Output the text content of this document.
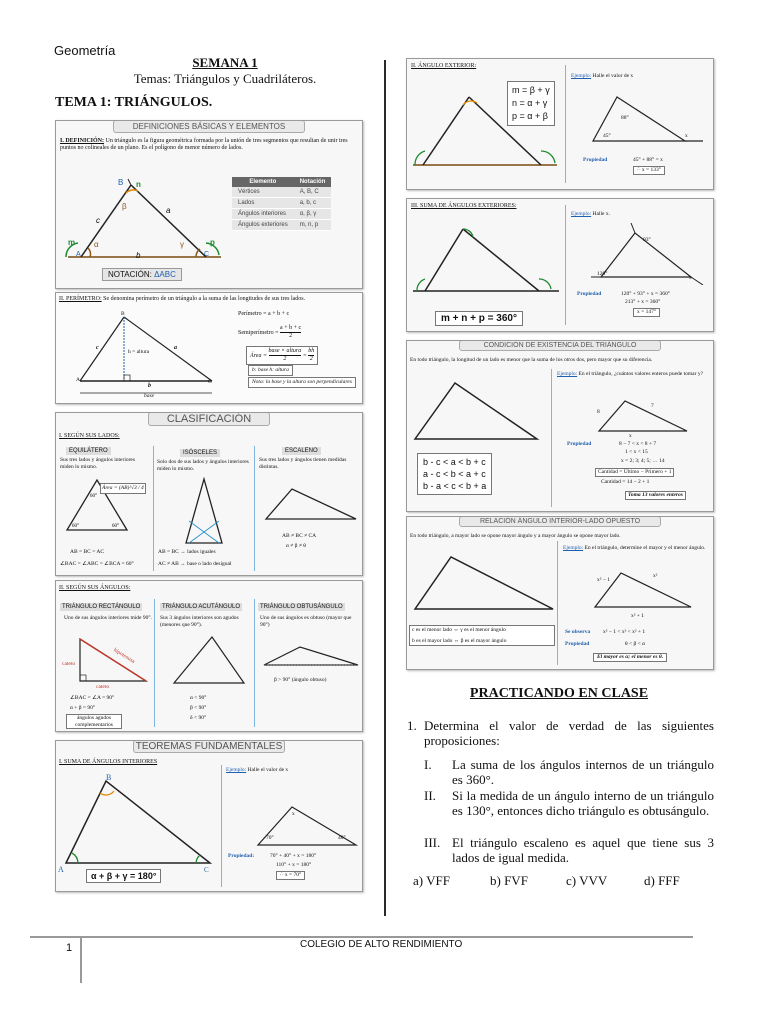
Geometría
SEMANA 1
Temas: Triángulos y Cuadriláteros.
TEMA 1: TRIÁNGULOS.
DEFINICIONES BÁSICAS Y ELEMENTOS
I. DEFINICIÓN: Un triángulo es la figura geométrica formada por la unión de tres segmentos que resultan de unir tres puntos no colineales de un plano. Es el polígono de menor número de lados.
B n
β
c
a
m α	γ	p
A	b	C
Elemento	Notación
Vértices	A, B, C
Lados	a, b, c
Ángulos interiores	α, β, γ
Ángulos exteriores	m, n, p
NOTACIÓN: ΔABC
II. PERÍMETRO: Se denomina perímetro de un triángulo a la suma de las longitudes de sus tres lados.
B
A	C
c	a
h = altura
b
base
Perímetro = a + b + c
Semiperímetro = $\frac{a + b + c}{2}$
Área =
base × altura
2
= $\frac{bh}{2}$
b: base h: altura
Nota: la base y la altura son perpendiculares
CLASIFICACIÓN
I. SEGÚN SUS LADOS:
EQUILÁTERO
Sus tres lados y ángulos interiores miden lo mismo.
60°
60°	60°
Área = (AB)²√3 / 4
AB = BC = AC
∠BAC = ∠ABC = ∠BCA = 60°
ISÓSCELES
Solo dos de sus lados y ángulos interiores miden lo mismo.
AB = BC → lados iguales
AC ≠ AB → base o lado desigual
ESCALENO
Sus tres lados y ángulos tienen medidas distintas.
AB ≠ BC ≠ CA
α ≠ β ≠ θ
II. SEGÚN SUS ÁNGULOS:
TRIÁNGULO RECTÁNGULO
Uno de sus ángulos interiores mide 90°.
hipotenusa
cateto
cateto
∠BAC = ∠A = 90°
α + β = 90°
ángulos agudos complementarios
TRIÁNGULO ACUTÁNGULO
Sus 3 ángulos interiores son agudos (menores que 90°).
α < 90°
β < 90°
δ < 90°
TRIÁNGULO OBTUSÁNGULO
Uno de sus ángulos es obtuso (mayor que 90°)
β > 90° (ángulo obtuso)
TEOREMAS FUNDAMENTALES
I. SUMA DE ÁNGULOS INTERIORES
B
A	C
α + β + γ = 180°
Ejemplo: Halle el valor de x
70°	40°
x
Propiedad:	70° + 40° + x = 180°
110° + x = 180°
∴ x = 70°
II. ÁNGULO EXTERIOR:
m = β + γ
n = α + γ
p = α + β
Ejemplo: Halle el valor de x
88°
45°	x
Propiedad	45° + 88° = x
∴ x = 133°
III. SUMA DE ÁNGULOS EXTERIORES:
m + n + p = 360°
Ejemplo: Halle x.
93°
120°
x
Propiedad	120° + 93° + x = 360°
213° + x = 360°
x = 147°
CONDICIÓN DE EXISTENCIA DEL TRIÁNGULO
En todo triángulo, la longitud de un lado es menor que la suma de los otros dos, pero mayor que su diferencia.
b - c < a < b + c
a - c < b < a + c
b - a < c < b + a
Ejemplo: En el triángulo, ¿cuántos valores enteros puede tomar y?
8
7
x
Propiedad	8 − 7 < x < 8 + 7
1 < x < 15
x = 2; 3; 4; 5; … 14
Cantidad = Último − Primero + 1
Cantidad = 14 − 2 + 1
Toma 13 valores enteros
RELACIÓN ÁNGULO INTERIOR-LADO OPUESTO
En todo triángulo, a mayor lado se opone mayor ángulo y a mayor ángulo se opone mayor lado.
c es el menor lado ⇔ γ es el menor ángulo
b es el mayor lado ⇔ β es el mayor ángulo
Ejemplo: En el triángulo, determine el mayor y el menor ángulo.
x² − 1
x²
x² + 1
Se observa x² − 1 < x² < x² + 1
Propiedad	θ < β < α
El mayor es α; el menor es θ.
PRACTICANDO EN CLASE
1. Determina el valor de verdad de las siguientes proposiciones:
I. La suma de los ángulos internos de un triángulo es 360°.
II. Si la medida de un ángulo interno de un triángulo es 130°, entonces dicho triángulo es obtusángulo.
III. El triángulo escaleno es aquel que tiene sus 3 lados de igual medida.
a) VFF	b) FVF	c) VVV	d) FFF
1	COLEGIO DE ALTO RENDIMIENTO
